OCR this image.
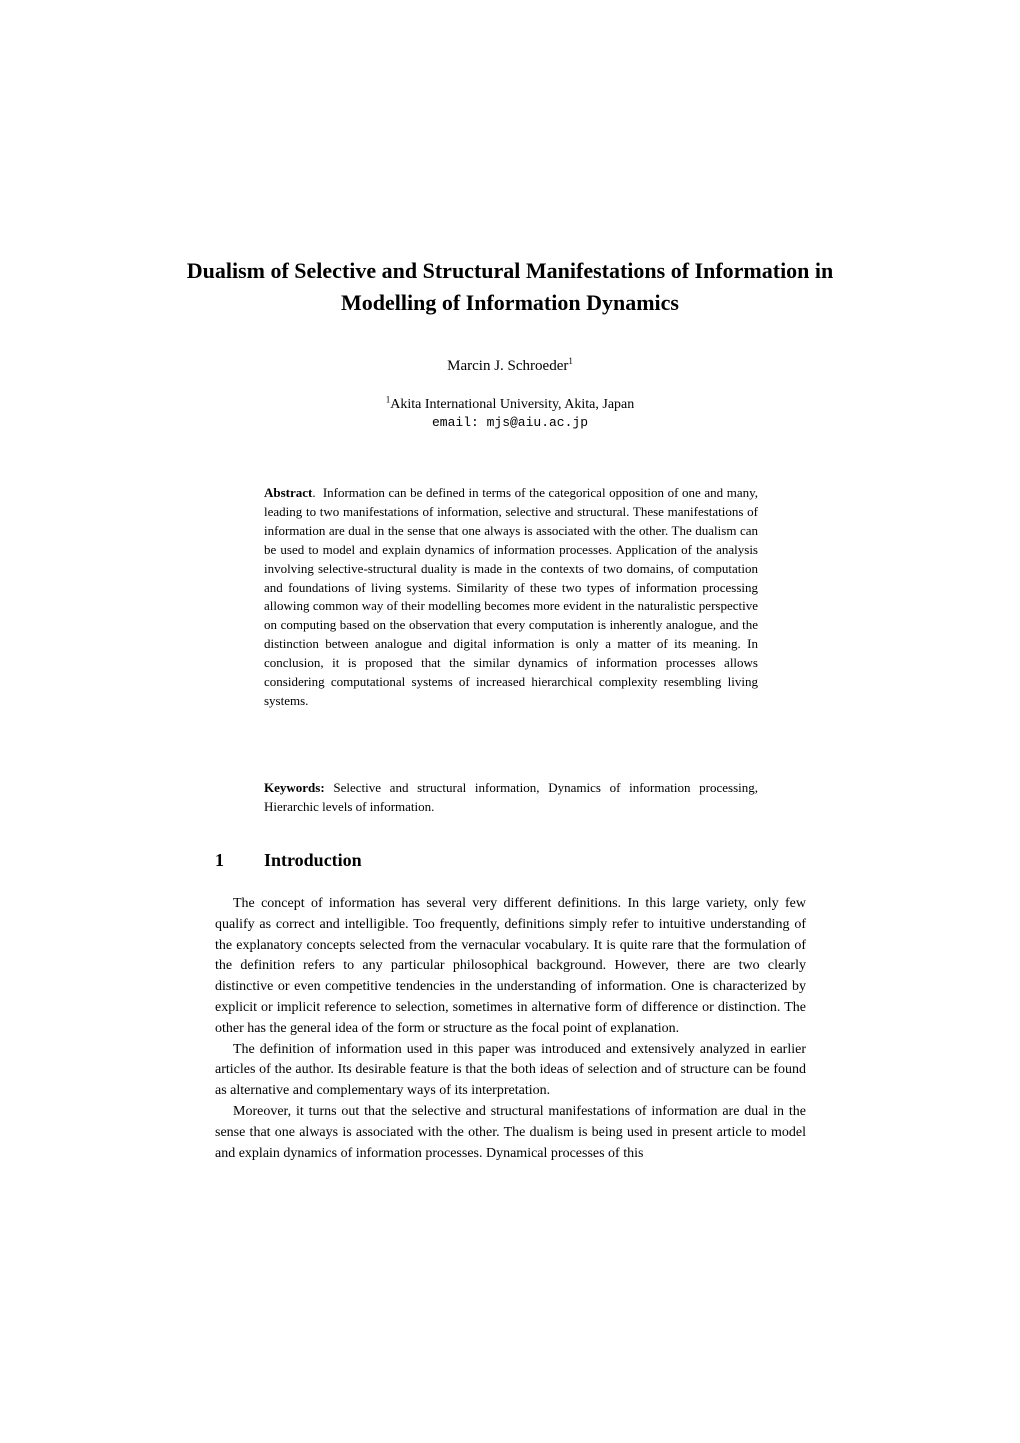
Dualism of Selective and Structural Manifestations of Information in Modelling of Information Dynamics
Marcin J. Schroeder$^1$
$^1$Akita International University, Akita, Japan
email: mjs@aiu.ac.jp

Abstract.  Information can be defined in terms of the categorical opposition of one and many, leading to two manifestations of information, selective and structural. These manifestations of information are dual in the sense that one always is associated with the other. The dualism can be used to model and explain dynamics of information processes. Application of the analysis involving selective-structural duality is made in the contexts of two domains, of computation and foundations of living systems. Similarity of these two types of information processing allowing common way of their modelling becomes more evident in the naturalistic perspective on computing based on the observation that every computation is inherently analogue, and the distinction between analogue and digital information is only a matter of its meaning. In conclusion, it is proposed that the similar dynamics of information processes allows considering computational systems of increased hierarchical complexity resembling living systems.

Keywords: Selective and structural information, Dynamics of information processing, Hierarchic levels of information.

1 Introduction

The concept of information has several very different definitions. In this large variety, only few qualify as correct and intelligible. Too frequently, definitions simply refer to intuitive understanding of the explanatory concepts selected from the vernacular vocabulary. It is quite rare that the formulation of the definition refers to any particular philosophical background. However, there are two clearly distinctive or even competitive tendencies in the understanding of information. One is characterized by explicit or implicit reference to selection, sometimes in alternative form of difference or distinction. The other has the general idea of the form or structure as the focal point of explanation.

The definition of information used in this paper was introduced and extensively analyzed in earlier articles of the author. Its desirable feature is that the both ideas of selection and of structure can be found as alternative and complementary ways of its interpretation.

Moreover, it turns out that the selective and structural manifestations of information are dual in the sense that one always is associated with the other. The dualism is being used in present article to model and explain dynamics of information processes. Dynamical processes of this
